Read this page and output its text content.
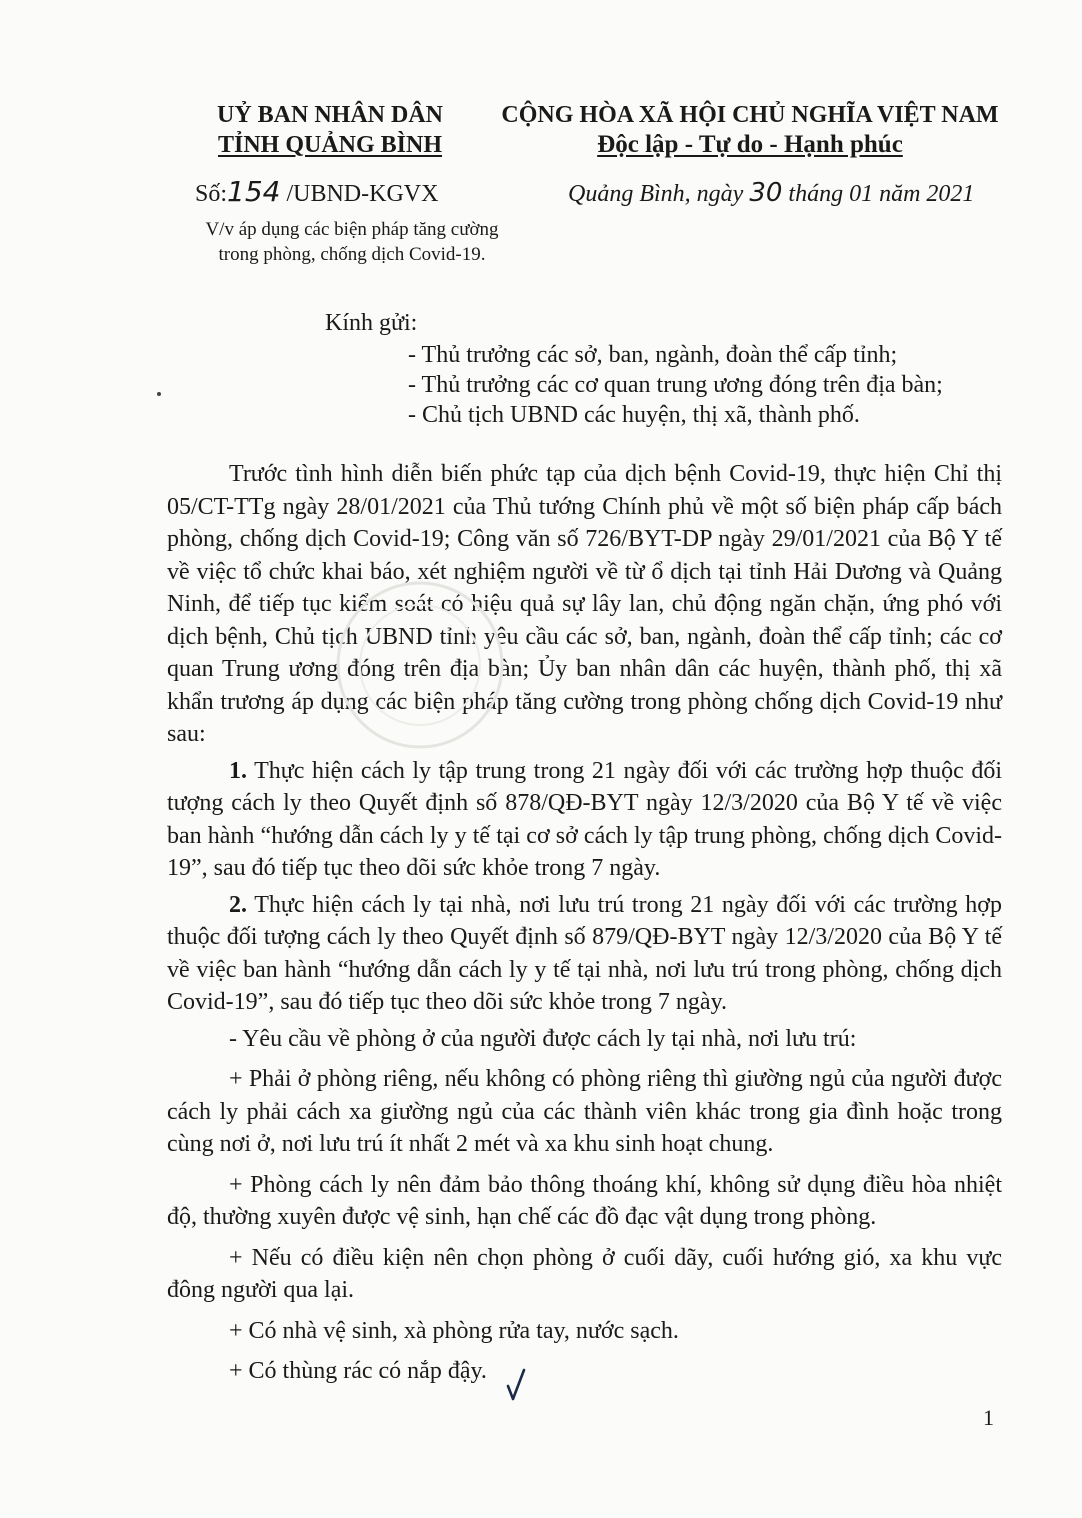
UỶ BAN NHÂN DÂN
TỈNH QUẢNG BÌNH
CỘNG HÒA XÃ HỘI CHỦ NGHĨA VIỆT NAM
Độc lập - Tự do - Hạnh phúc
Số:154 /UBND-KGVX
V/v áp dụng các biện pháp tăng cường
trong phòng, chống dịch Covid-19.
Quảng Bình, ngày 30 tháng 01 năm 2021
Kính gửi:
- Thủ trưởng các sở, ban, ngành, đoàn thể cấp tỉnh;
- Thủ trưởng các cơ quan trung ương đóng trên địa bàn;
- Chủ tịch UBND các huyện, thị xã, thành phố.

Trước tình hình diễn biến phức tạp của dịch bệnh Covid-19, thực hiện Chỉ thị 05/CT-TTg ngày 28/01/2021 của Thủ tướng Chính phủ về một số biện pháp cấp bách phòng, chống dịch Covid-19; Công văn số 726/BYT-DP ngày 29/01/2021 của Bộ Y tế về việc tổ chức khai báo, xét nghiệm người về từ ổ dịch tại tỉnh Hải Dương và Quảng Ninh, để tiếp tục kiểm soát có hiệu quả sự lây lan, chủ động ngăn chặn, ứng phó với dịch bệnh, Chủ tịch UBND tỉnh yêu cầu các sở, ban, ngành, đoàn thể cấp tỉnh; các cơ quan Trung ương đóng trên địa bàn; Ủy ban nhân dân các huyện, thành phố, thị xã khẩn trương áp dụng các biện pháp tăng cường trong phòng chống dịch Covid-19 như sau:

1. Thực hiện cách ly tập trung trong 21 ngày đối với các trường hợp thuộc đối tượng cách ly theo Quyết định số 878/QĐ-BYT ngày 12/3/2020 của Bộ Y tế về việc ban hành “hướng dẫn cách ly y tế tại cơ sở cách ly tập trung phòng, chống dịch Covid-19”, sau đó tiếp tục theo dõi sức khỏe trong 7 ngày.

2. Thực hiện cách ly tại nhà, nơi lưu trú trong 21 ngày đối với các trường hợp thuộc đối tượng cách ly theo Quyết định số 879/QĐ-BYT ngày 12/3/2020 của Bộ Y tế về việc ban hành “hướng dẫn cách ly y tế tại nhà, nơi lưu trú trong phòng, chống dịch Covid-19”, sau đó tiếp tục theo dõi sức khỏe trong 7 ngày.

- Yêu cầu về phòng ở của người được cách ly tại nhà, nơi lưu trú:

+ Phải ở phòng riêng, nếu không có phòng riêng thì giường ngủ của người được cách ly phải cách xa giường ngủ của các thành viên khác trong gia đình hoặc trong cùng nơi ở, nơi lưu trú ít nhất 2 mét và xa khu sinh hoạt chung.

+ Phòng cách ly nên đảm bảo thông thoáng khí, không sử dụng điều hòa nhiệt độ, thường xuyên được vệ sinh, hạn chế các đồ đạc vật dụng trong phòng.

+ Nếu có điều kiện nên chọn phòng ở cuối dãy, cuối hướng gió, xa khu vực đông người qua lại.

+ Có nhà vệ sinh, xà phòng rửa tay, nước sạch.

+ Có thùng rác có nắp đậy.

1
